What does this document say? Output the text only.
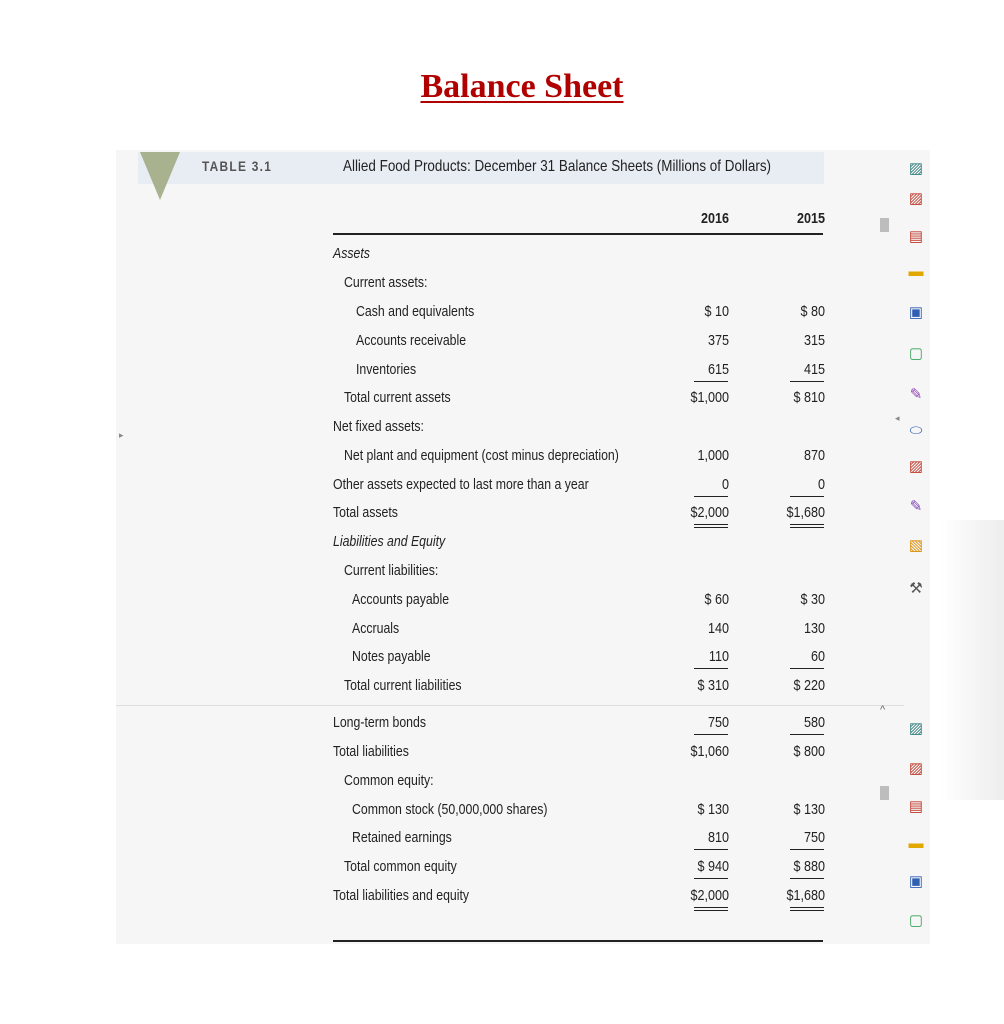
Balance Sheet
TABLE 3.1	Allied Food Products: December 31 Balance Sheets (Millions of Dollars)
▸
2016	2015
Assets
Current assets:
Cash and equivalents	$ 10	$ 80
Accounts receivable	375	315
Inventories	615	415
Total current assets	$1,000	$ 810
Net fixed assets:
Net plant and equipment (cost minus depreciation)	1,000	870
Other assets expected to last more than a year	0	0
Total assets	$2,000	$1,680
Liabilities and Equity
Current liabilities:
Accounts payable	$ 60	$ 30
Accruals	140	130
Notes payable	110	60
Total current liabilities	$ 310	$ 220
Long-term bonds	750	580
Total liabilities	$1,060	$ 800
Common equity:
Common stock (50,000,000 shares)	$ 130	$ 130
Retained earnings	810	750
Total common equity	$ 940	$ 880
Total liabilities and equity	$2,000	$1,680
◂
^
▨
▨
▤
▬
▣
▢
✎
⬭
▨
✎
▧
⚒
▨
▨
▤
▬
▣
▢
